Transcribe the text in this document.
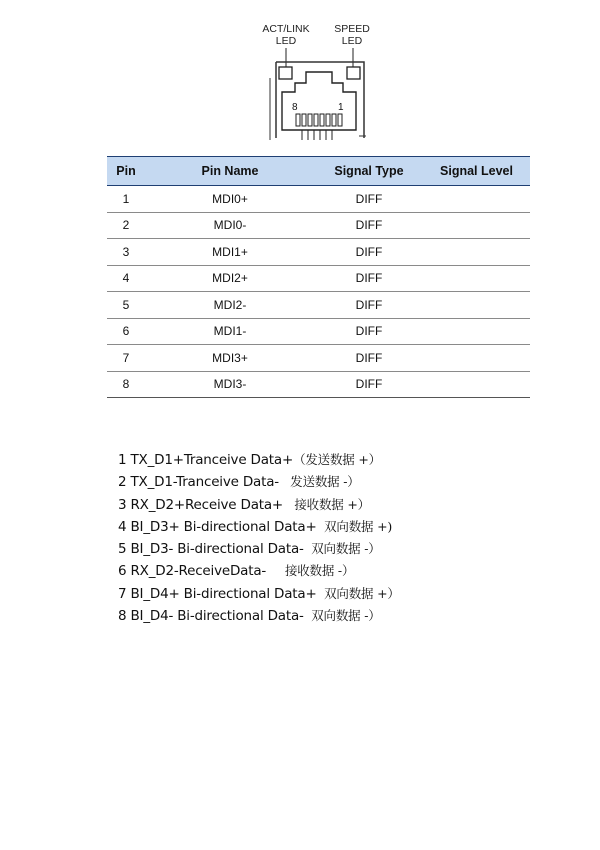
ACT/LINK
LED
SPEED
LED
8	1
Pin	Pin Name	Signal Type	Signal Level
1	MDI0+	DIFF	
2	MDI0-	DIFF	
3	MDI1+	DIFF	
4	MDI2+	DIFF	
5	MDI2-	DIFF	
6	MDI1-	DIFF	
7	MDI3+	DIFF	
8	MDI3-	DIFF	
1 TX_D1+Tranceive Data+（发送数据 +）
2 TX_D1-Tranceive Data-   发送数据 -）
3 RX_D2+Receive Data+   接收数据 +）
4 BI_D3+ Bi-directional Data+  双向数据 +)
5 BI_D3- Bi-directional Data-  双向数据 -）
6 RX_D2-ReceiveData-     接收数据 -）
7 BI_D4+ Bi-directional Data+  双向数据 +）
8 BI_D4- Bi-directional Data-  双向数据 -）
